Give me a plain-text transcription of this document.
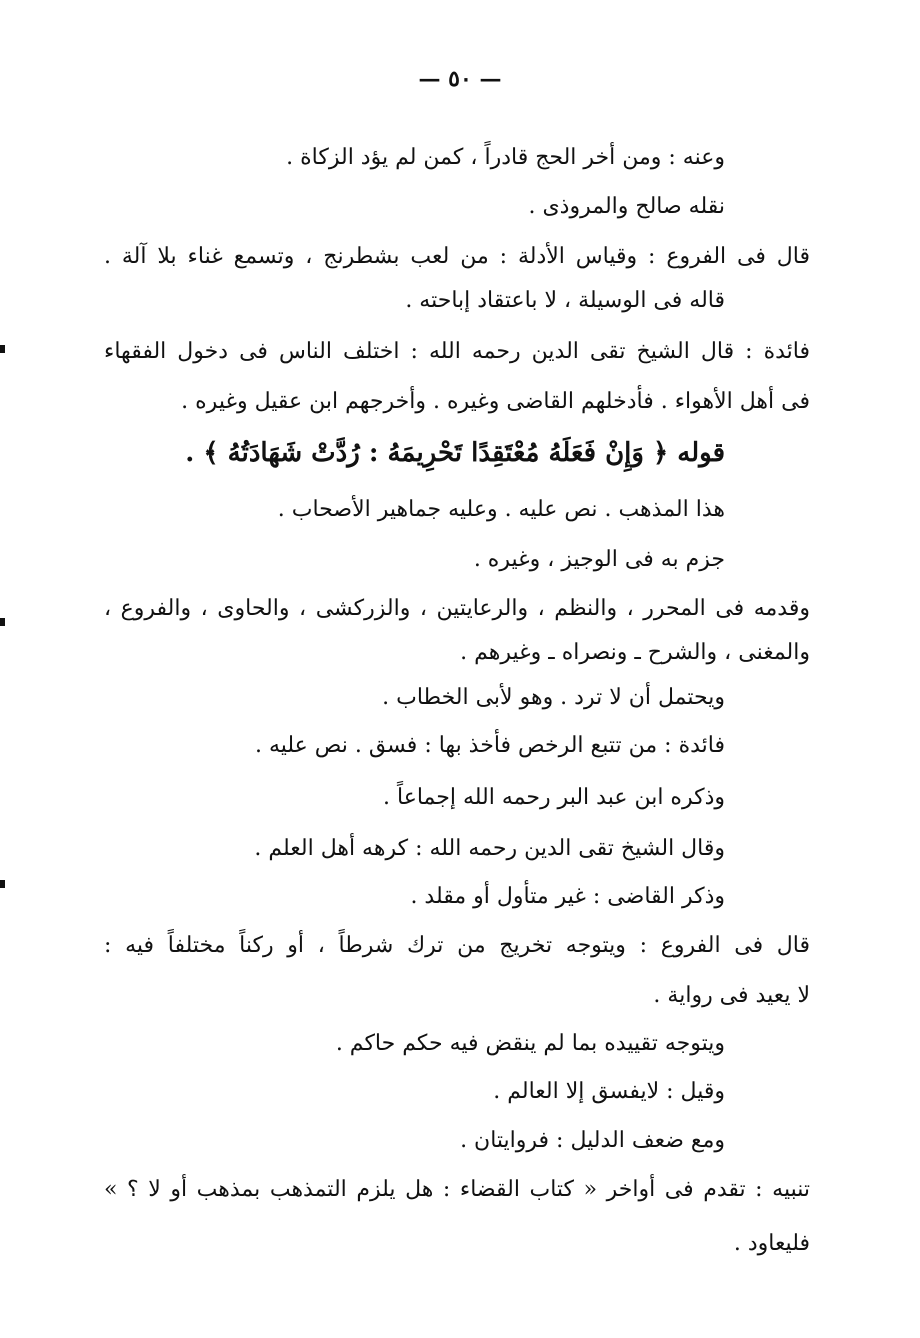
— ٥٠ —
وعنه : ومن أخر الحج قادراً ، كمن لم يؤد الزكاة .
نقله صالح والمروذى .
قال فى الفروع : وقياس الأدلة : من لعب بشطرنج ، وتسمع غناء بلا آلة .
قاله فى الوسيلة ، لا باعتقاد إباحته .
فائدة : قال الشيخ تقى الدين رحمه الله : اختلف الناس فى دخول الفقهاء
فى أهل الأهواء . فأدخلهم القاضى وغيره . وأخرجهم ابن عقيل وغيره .
قوله ﴿ وَإِنْ فَعَلَهُ مُعْتَقِدًا تَحْرِيمَهُ : رُدَّتْ شَهَادَتُهُ ﴾ .
هذا المذهب . نص عليه . وعليه جماهير الأصحاب .
جزم به فى الوجيز ، وغيره .
وقدمه فى المحرر ، والنظم ، والرعايتين ، والزركشى ، والحاوى ، والفروع ،
والمغنى ، والشرح ـ ونصراه ـ وغيرهم .
ويحتمل أن لا ترد . وهو لأبى الخطاب .
فائدة : من تتبع الرخص فأخذ بها : فسق . نص عليه .
وذكره ابن عبد البر رحمه الله إجماعاً .
وقال الشيخ تقى الدين رحمه الله : كرهه أهل العلم .
وذكر القاضى : غير متأول أو مقلد .
قال فى الفروع : ويتوجه تخريج من ترك شرطاً ، أو ركناً مختلفاً فيه :
لا يعيد فى رواية .
ويتوجه تقييده بما لم ينقض فيه حكم حاكم .
وقيل : لايفسق إلا العالم .
ومع ضعف الدليل : فروايتان .
تنبيه : تقدم فى أواخر « كتاب القضاء : هل يلزم التمذهب بمذهب أو لا ؟ »
فليعاود .
